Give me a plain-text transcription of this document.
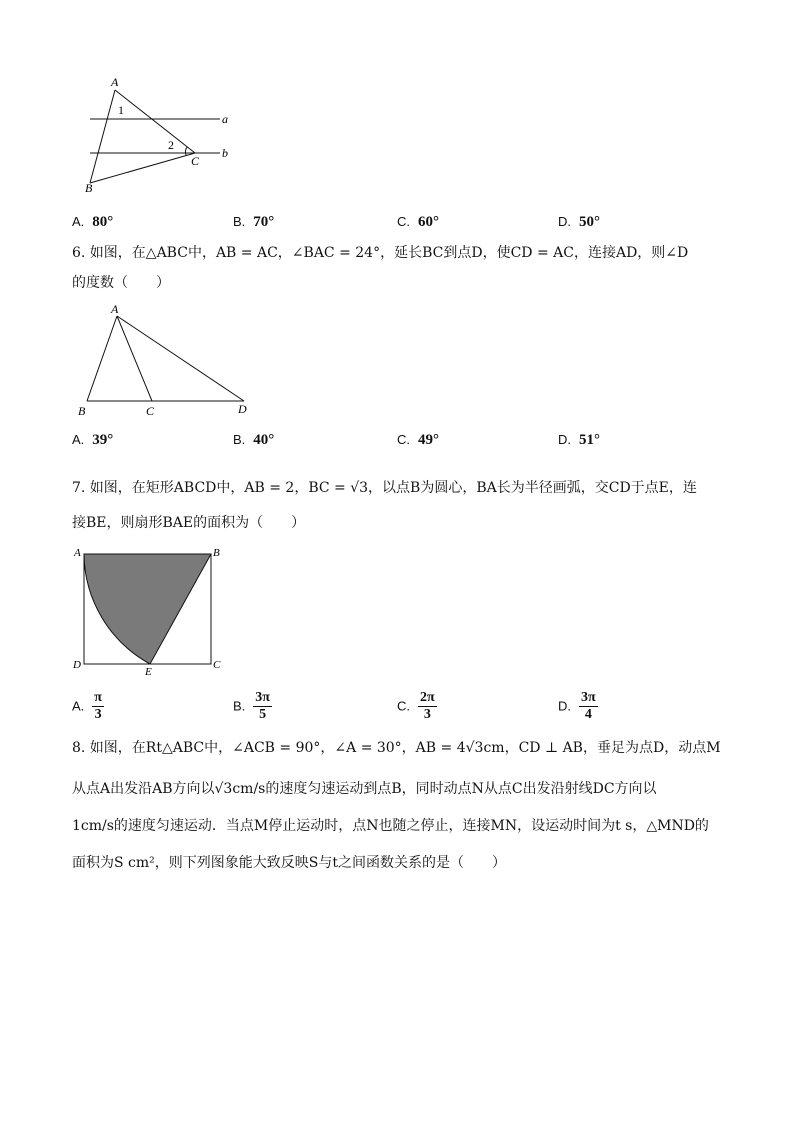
A
1
2
C
B
a
b
A. 80°	B. 70°	C. 60°	D. 50°
6. 如图，在△ABC中，AB = AC，∠BAC = 24°，延长BC到点D，使CD = AC，连接AD，则∠D
的度数（　　）
A
B	C	D
A. 39°	B. 40°	C. 49°	D. 51°
7. 如图，在矩形ABCD中，AB = 2，BC = √3，以点B为圆心，BA长为半径画弧，交CD于点E，连
接BE，则扇形BAE的面积为（　　）
A	B
C
D
E
A. $\frac{\pi}{3}$	B. $\frac{3\pi}{5}$	C. $\frac{2\pi}{3}$	D. $\frac{3\pi}{4}$
8. 如图，在Rt△ABC中，∠ACB = 90°，∠A = 30°，AB = 4√3cm，CD ⊥ AB，垂足为点D，动点M
从点A出发沿AB方向以√3cm/s的速度匀速运动到点B，同时动点N从点C出发沿射线DC方向以
1cm/s的速度匀速运动．当点M停止运动时，点N也随之停止，连接MN，设运动时间为t s，△MND的
面积为S cm²，则下列图象能大致反映S与t之间函数关系的是（　　）
